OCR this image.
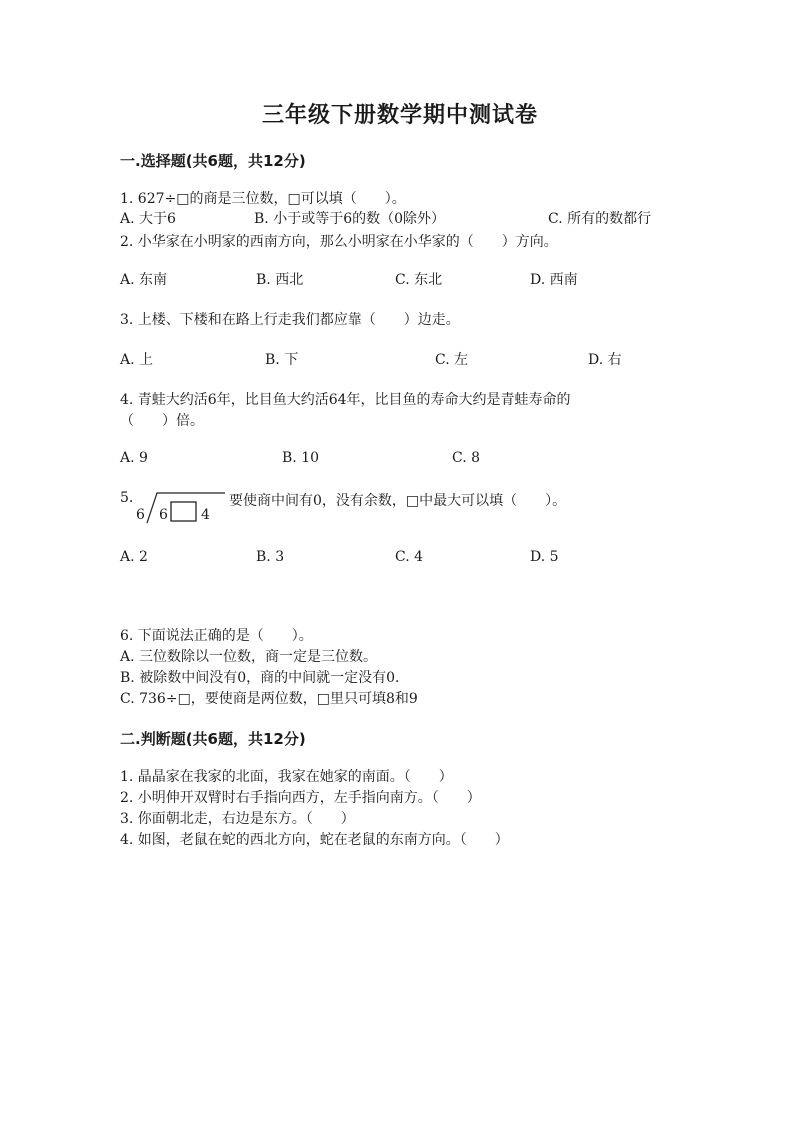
三年级下册数学期中测试卷
一.选择题(共6题，共12分)
1. 627÷□的商是三位数，□可以填（　　）。
A. 大于6	B. 小于或等于6的数（0除外）	C. 所有的数都行
2. 小华家在小明家的西南方向，那么小明家在小华家的（　　）方向。
A. 东南	B. 西北	C. 东北	D. 西南
3. 上楼、下楼和在路上行走我们都应靠（　　）边走。
A. 上	B. 下	C. 左	D. 右
4. 青蛙大约活6年，比目鱼大约活64年，比目鱼的寿命大约是青蛙寿命的
（　　）倍。
A. 9	B. 10	C. 8
5.
6 6 4
要使商中间有0，没有余数，□中最大可以填（　　）。
A. 2	B. 3	C. 4	D. 5
6. 下面说法正确的是（　　）。
A. 三位数除以一位数，商一定是三位数。
B. 被除数中间没有0，商的中间就一定没有0.
C. 736÷□，要使商是两位数，□里只可填8和9
二.判断题(共6题，共12分)
1. 晶晶家在我家的北面，我家在她家的南面。（　　）
2. 小明伸开双臂时右手指向西方，左手指向南方。（　　）
3. 你面朝北走，右边是东方。（　　）
4. 如图，老鼠在蛇的西北方向，蛇在老鼠的东南方向。（　　）
